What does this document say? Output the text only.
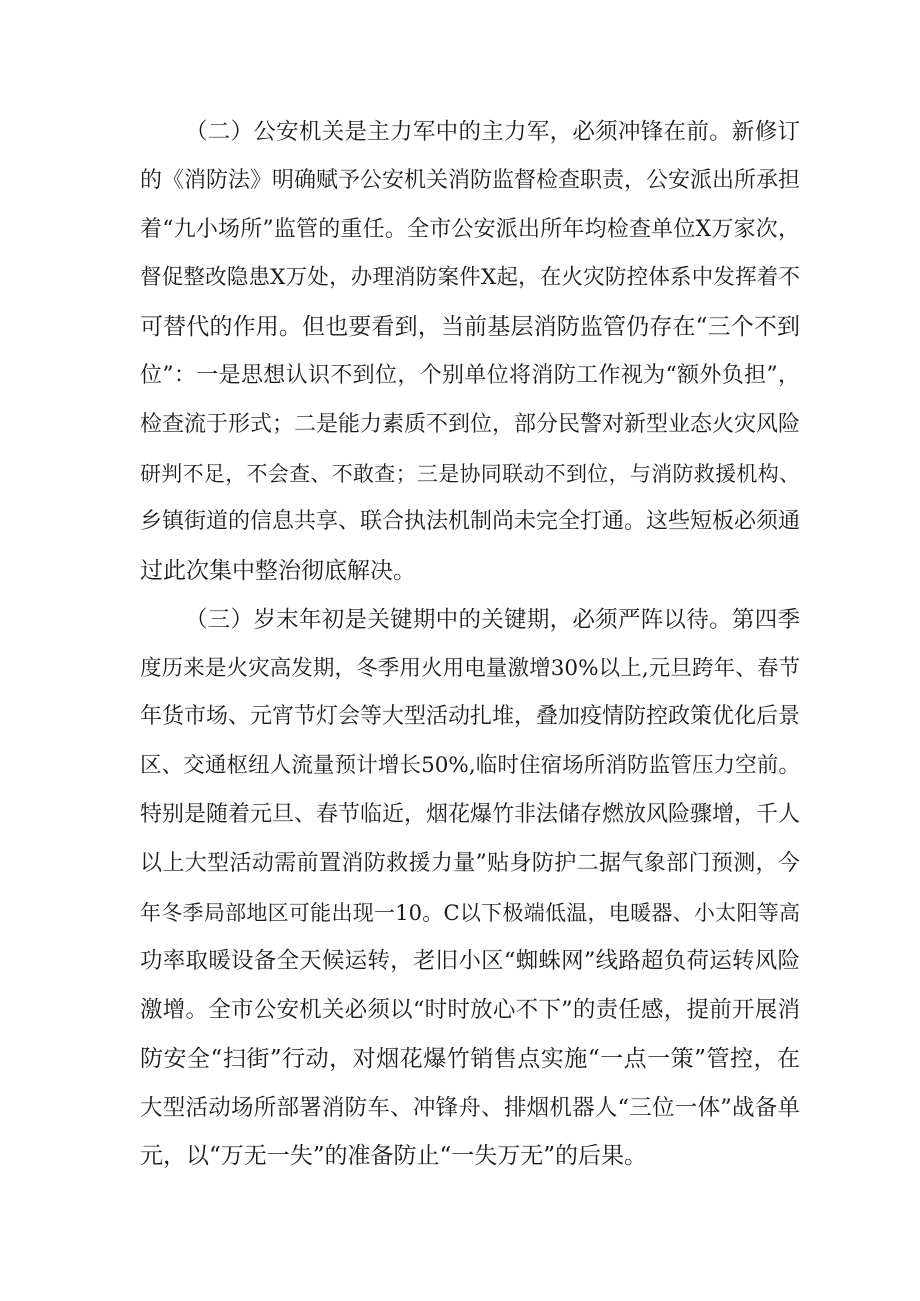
（二）公安机关是主力军中的主力军，必须冲锋在前。新修订
的《消防法》明确赋予公安机关消防监督检查职责，公安派出所承担
着“九小场所”监管的重任。全市公安派出所年均检查单位X万家次，
督促整改隐患X万处，办理消防案件X起，在火灾防控体系中发挥着不
可替代的作用。但也要看到，当前基层消防监管仍存在“三个不到
位”：一是思想认识不到位，个别单位将消防工作视为“额外负担”，
检查流于形式；二是能力素质不到位，部分民警对新型业态火灾风险
研判不足，不会查、不敢查；三是协同联动不到位，与消防救援机构、
乡镇街道的信息共享、联合执法机制尚未完全打通。这些短板必须通
过此次集中整治彻底解决。
（三）岁末年初是关键期中的关键期，必须严阵以待。第四季
度历来是火灾高发期，冬季用火用电量激增30%以上,元旦跨年、春节
年货市场、元宵节灯会等大型活动扎堆，叠加疫情防控政策优化后景
区、交通枢纽人流量预计增长50%,临时住宿场所消防监管压力空前。
特别是随着元旦、春节临近，烟花爆竹非法储存燃放风险骤增，千人
以上大型活动需前置消防救援力量”贴身防护二据气象部门预测，今
年冬季局部地区可能出现一10。C以下极端低温，电暖器、小太阳等高
功率取暖设备全天候运转，老旧小区“蜘蛛网”线路超负荷运转风险
激增。全市公安机关必须以“时时放心不下”的责任感，提前开展消
防安全“扫街”行动，对烟花爆竹销售点实施“一点一策”管控，在
大型活动场所部署消防车、冲锋舟、排烟机器人“三位一体”战备单
元，以“万无一失”的准备防止“一失万无”的后果。
